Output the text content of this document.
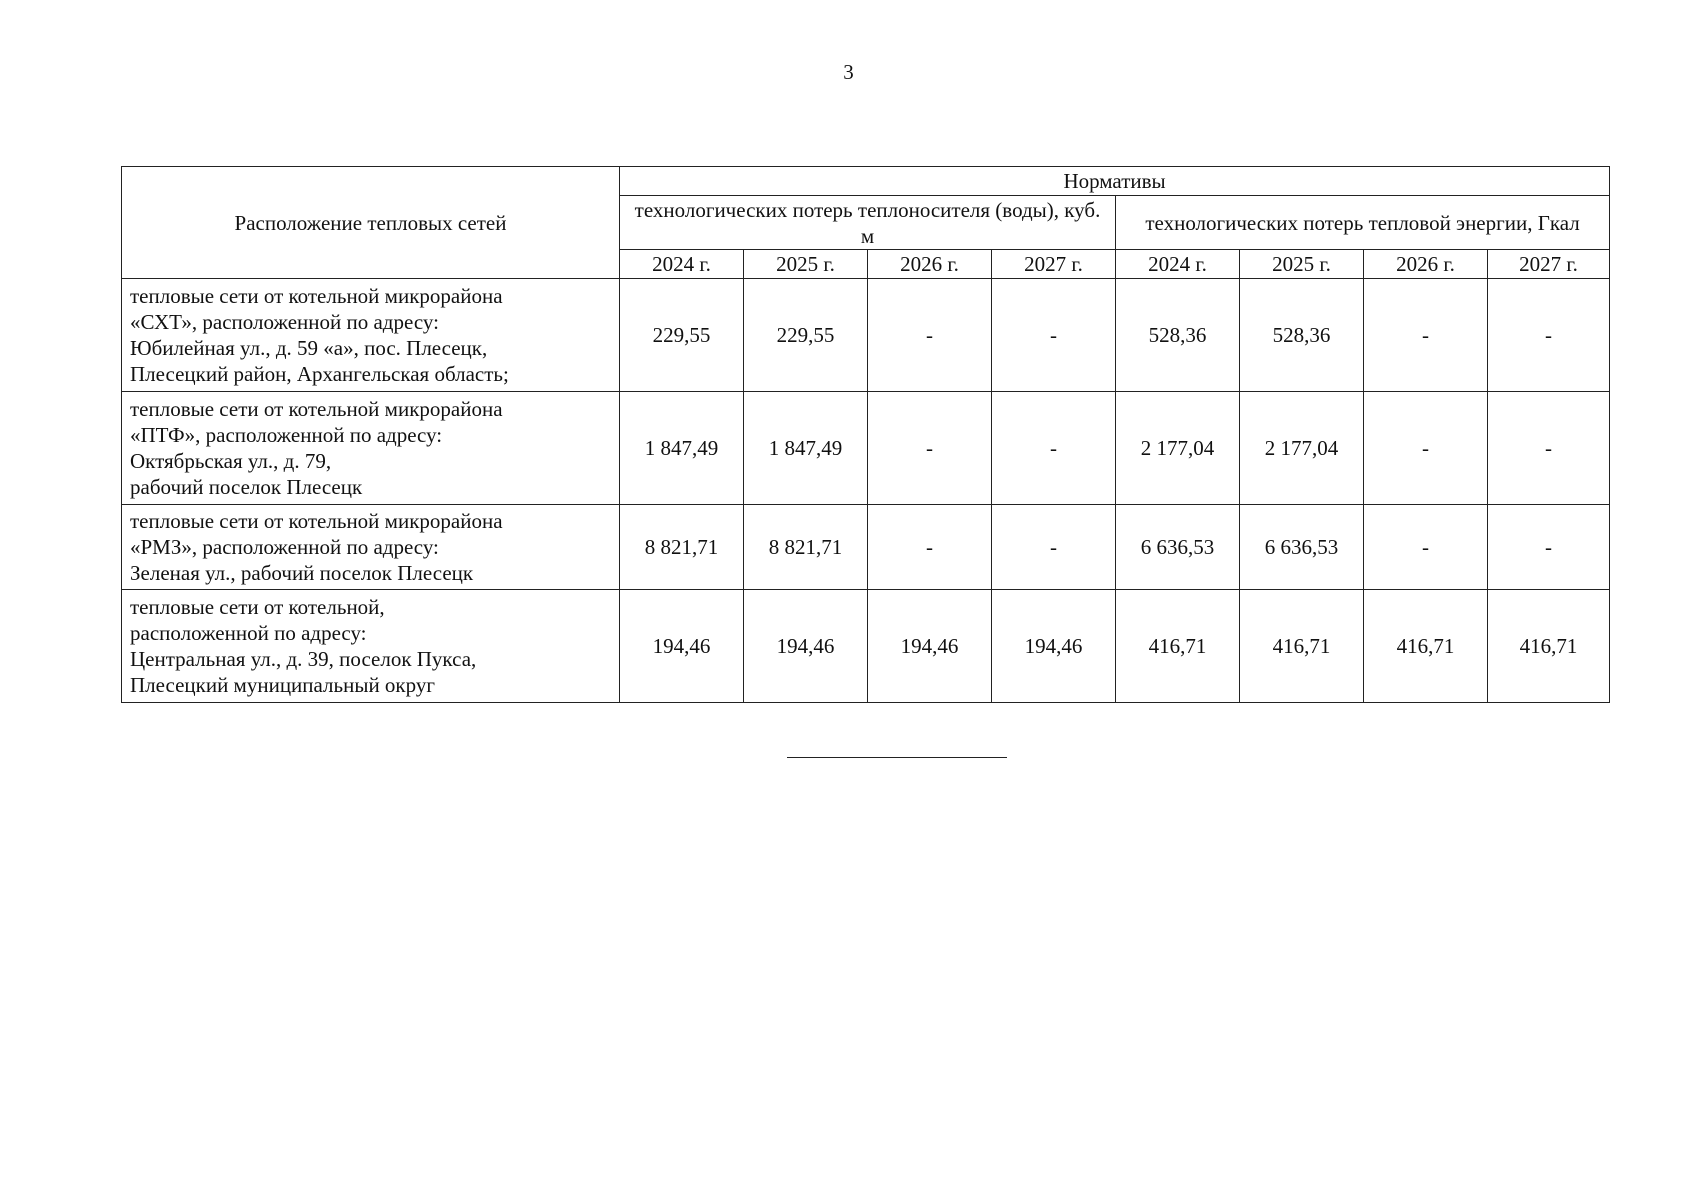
3
Расположение тепловых сетей	Нормативы							
	технологических потерь теплоносителя (воды), куб. м				технологических потерь тепловой энергии, Гкал			
	2024 г.	2025 г.	2026 г.	2027 г.	2024 г.	2025 г.	2026 г.	2027 г.
тепловые сети от котельной микрорайона
«СХТ», расположенной по адресу:
Юбилейная ул., д. 59 «а», пос. Плесецк,
Плесецкий район, Архангельская область;	229,55	229,55	-	-	528,36	528,36	-	-
тепловые сети от котельной микрорайона
«ПТФ», расположенной по адресу:
Октябрьская ул., д. 79,
рабочий поселок Плесецк	1 847,49	1 847,49	-	-	2 177,04	2 177,04	-	-
тепловые сети от котельной микрорайона
«РМЗ», расположенной по адресу:
Зеленая ул., рабочий поселок Плесецк	8 821,71	8 821,71	-	-	6 636,53	6 636,53	-	-
тепловые сети от котельной,
расположенной по адресу:
Центральная ул., д. 39, поселок Пукса,
Плесецкий муниципальный округ	194,46	194,46	194,46	194,46	416,71	416,71	416,71	416,71
